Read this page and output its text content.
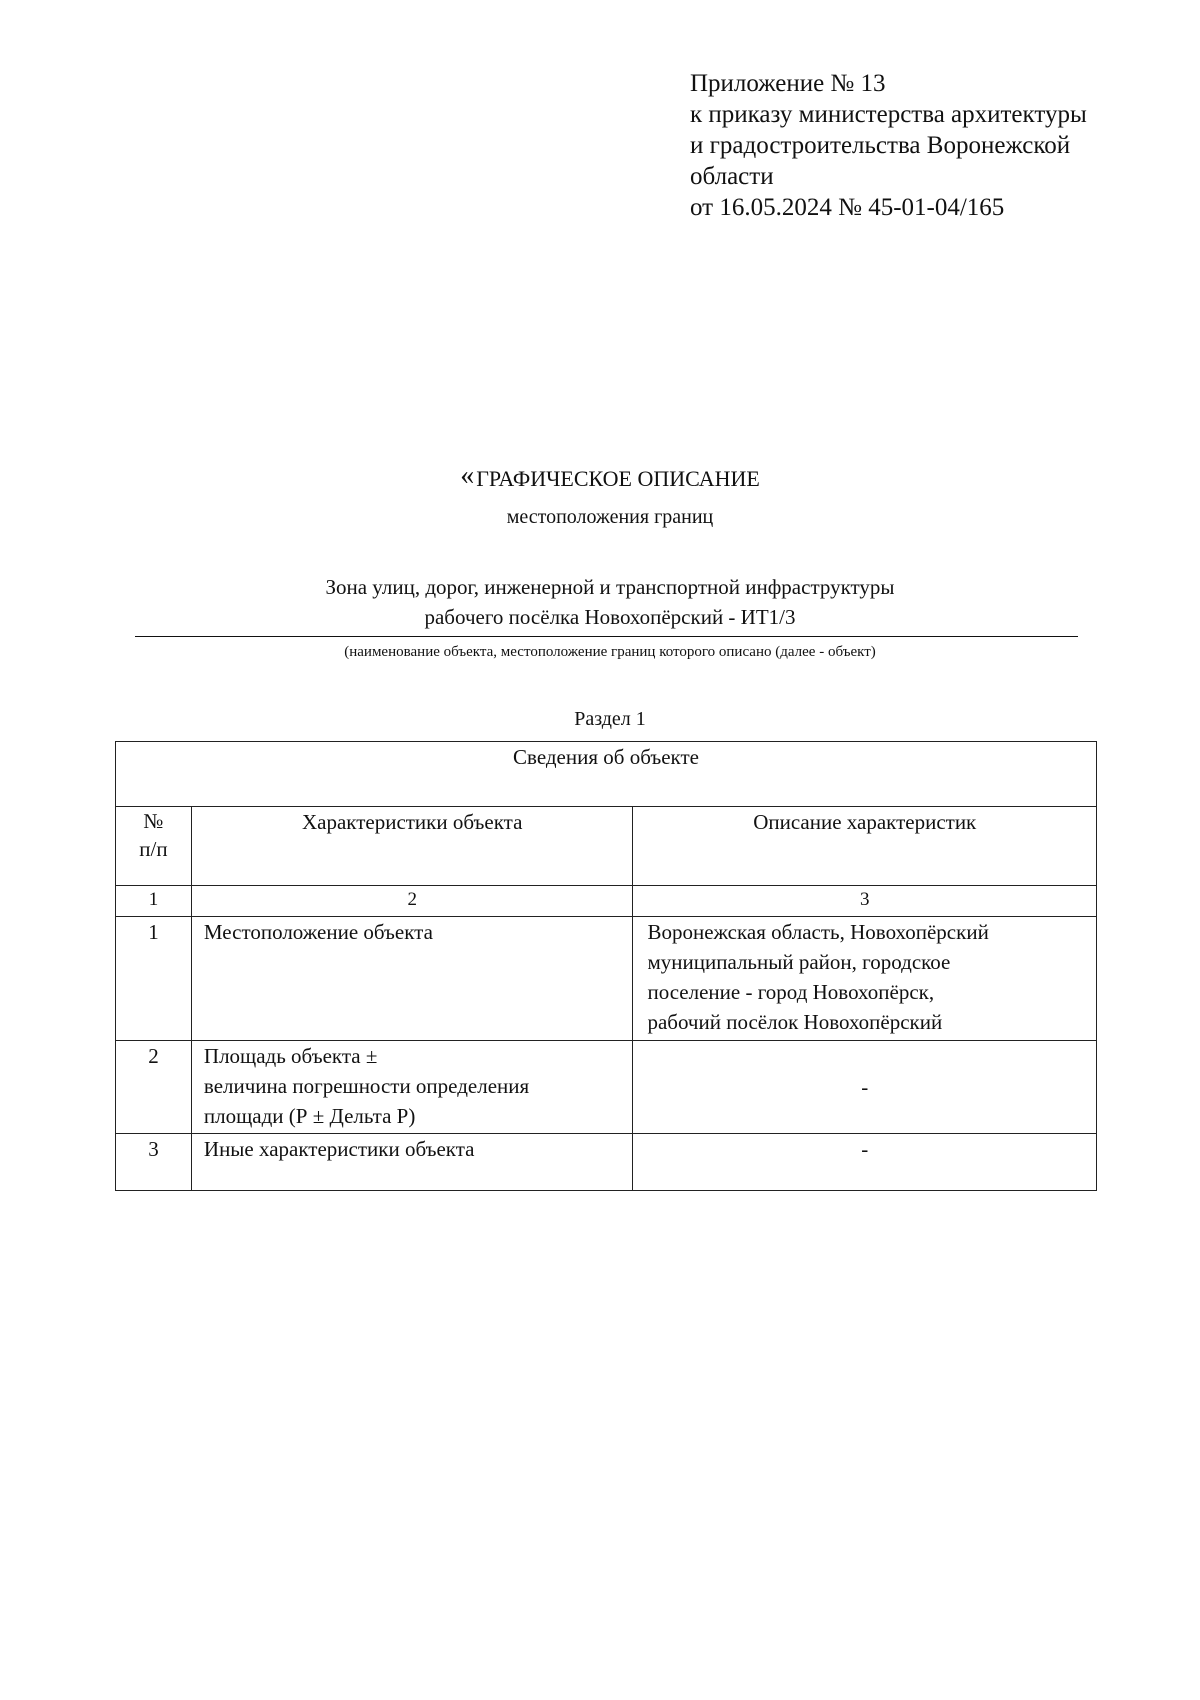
Приложение № 13
к приказу министерства архитектуры
и градостроительства Воронежской
области
от 16.05.2024 № 45-01-04/165
«ГРАФИЧЕСКОЕ ОПИСАНИЕ
местоположения границ
Зона улиц, дорог, инженерной и транспортной инфраструктуры
рабочего посёлка Новохопёрский - ИТ1/3
(наименование объекта, местоположение границ которого описано (далее - объект)
Раздел 1
Сведения об объекте		

№
п/п	Характеристики объекта	Описание характеристик
1	2	3
1	Местоположение объекта	Воронежская область, Новохопёрский
муниципальный район, городское
поселение - город Новохопёрск,
рабочий посёлок Новохопёрский

2	Площадь объекта ±
величина погрешности определения
площади (Р ± Дельта Р)	-

3	Иные характеристики объекта	-
